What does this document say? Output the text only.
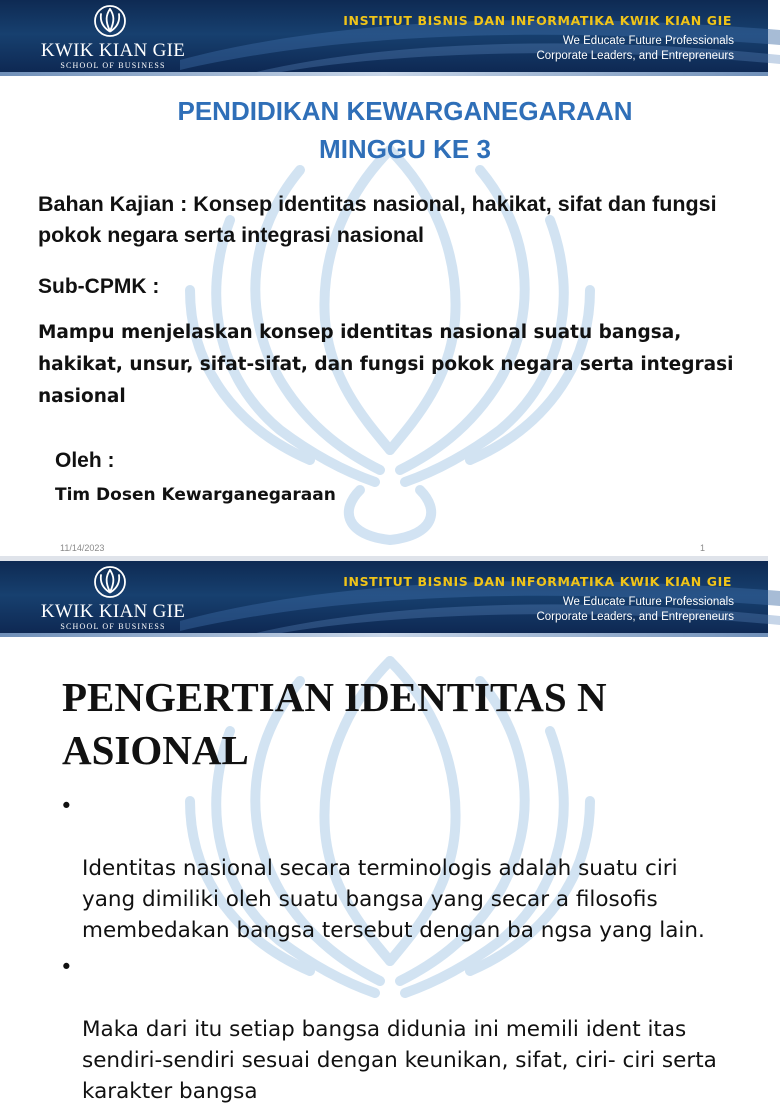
KWIK KIAN GIE
SCHOOL OF BUSINESS
INSTITUT BISNIS DAN INFORMATIKA KWIK KIAN GIE
We Educate Future Professionals
Corporate Leaders, and Entrepreneurs
PENDIDIKAN KEWARGANEGARAAN
MINGGU KE 3
Bahan Kajian : Konsep identitas nasional, hakikat, sifat dan fungsi pokok negara serta integrasi nasional
Sub-CPMK :
Mampu menjelaskan konsep identitas nasional suatu bangsa, hakikat, unsur, sifat-sifat, dan fungsi pokok negara serta integrasi nasional
Oleh :
Tim Dosen Kewarganegaraan
11/14/2023	1
KWIK KIAN GIE
SCHOOL OF BUSINESS
INSTITUT BISNIS DAN INFORMATIKA KWIK KIAN GIE
We Educate Future Professionals
Corporate Leaders, and Entrepreneurs
PENGERTIAN IDENTITAS N ASIONAL

•

Identitas nasional secara terminologis adalah suatu ciri yang dimiliki oleh suatu bangsa yang secar a filosofis membedakan bangsa tersebut dengan ba ngsa yang lain.

•

Maka dari itu setiap bangsa didunia ini memili ident itas sendiri-sendiri sesuai dengan keunikan, sifat, ciri- ciri serta karakter bangsa
